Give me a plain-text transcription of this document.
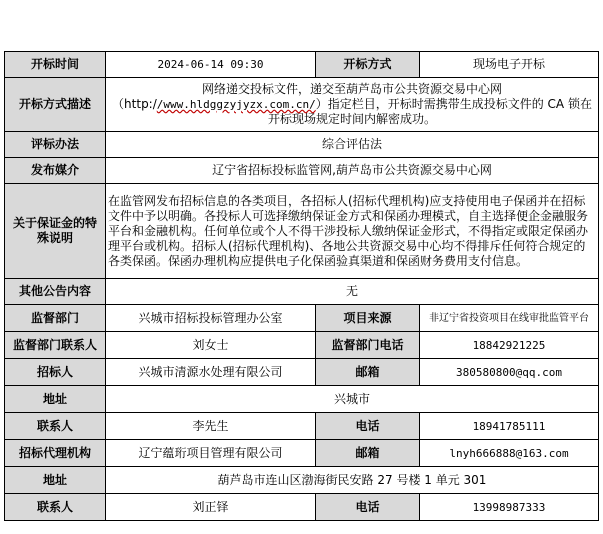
开标时间	2024-06-14 09:30	开标方式	现场电子开标
开标方式描述	网络递交投标文件，递交至葫芦岛市公共资源交易中心网（http://www.hldggzyjyzx.com.cn/）指定栏目，开标时需携带生成投标文件的 CA 锁在开标现场规定时间内解密成功。		
评标办法	综合评估法		
发布媒介	辽宁省招标投标监管网,葫芦岛市公共资源交易中心网		
关于保证金的特殊说明	在监管网发布招标信息的各类项目，各招标人(招标代理机构)应支持使用电子保函并在招标文件中予以明确。各投标人可选择缴纳保证金方式和保函办理模式，自主选择便企金融服务平台和金融机构。任何单位或个人不得干涉投标人缴纳保证金形式，不得指定或限定保函办理平台或机构。招标人(招标代理机构)、各地公共资源交易中心均不得排斥任何符合规定的各类保函。保函办理机构应提供电子化保函验真渠道和保函财务费用支付信息。		
其他公告内容	无		
监督部门	兴城市招标投标管理办公室	项目来源	非辽宁省投资项目在线审批监管平台
监督部门联系人	刘女士	监督部门电话	18842921225
招标人	兴城市清源水处理有限公司	邮箱	380580800@qq.com
地址	兴城市		
联系人	李先生	电话	18941785111
招标代理机构	辽宁蕴珩项目管理有限公司	邮箱	lnyh666888@163.com
地址	葫芦岛市连山区渤海街民安路 27 号楼 1 单元 301		
联系人	刘正铎	电话	13998987333
